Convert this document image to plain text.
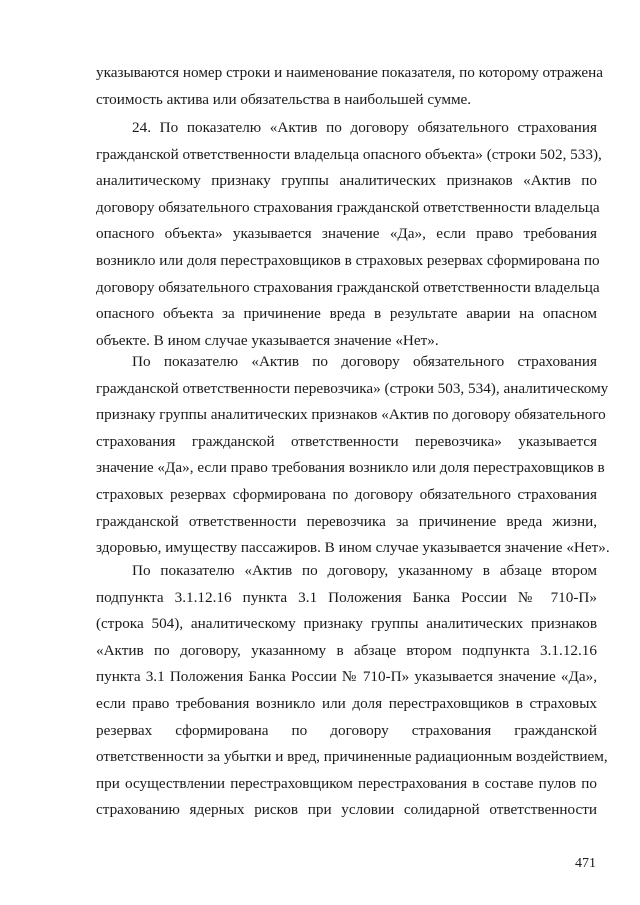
указываются номер строки и наименование показателя, по которому отражена
стоимость актива или обязательства в наибольшей сумме.
24. По показателю «Актив по договору обязательного страхования
гражданской ответственности владельца опасного объекта» (строки 502, 533),
аналитическому признаку группы аналитических признаков «Актив по
договору обязательного страхования гражданской ответственности владельца
опасного объекта» указывается значение «Да», если право требования
возникло или доля перестраховщиков в страховых резервах сформирована по
договору обязательного страхования гражданской ответственности владельца
опасного объекта за причинение вреда в результате аварии на опасном
объекте. В ином случае указывается значение «Нет».
По показателю «Актив по договору обязательного страхования
гражданской ответственности перевозчика» (строки 503, 534), аналитическому
признаку группы аналитических признаков «Актив по договору обязательного
страхования гражданской ответственности перевозчика» указывается
значение «Да», если право требования возникло или доля перестраховщиков в
страховых резервах сформирована по договору обязательного страхования
гражданской ответственности перевозчика за причинение вреда жизни,
здоровью, имуществу пассажиров. В ином случае указывается значение «Нет».
По показателю «Актив по договору, указанному в абзаце втором
подпункта 3.1.12.16 пункта 3.1 Положения Банка России № 710-П»
(строка 504), аналитическому признаку группы аналитических признаков
«Актив по договору, указанному в абзаце втором подпункта 3.1.12.16
пункта 3.1 Положения Банка России № 710-П» указывается значение «Да»,
если право требования возникло или доля перестраховщиков в страховых
резервах сформирована по договору страхования гражданской
ответственности за убытки и вред, причиненные радиационным воздействием,
при осуществлении перестраховщиком перестрахования в составе пулов по
страхованию ядерных рисков при условии солидарной ответственности
471
